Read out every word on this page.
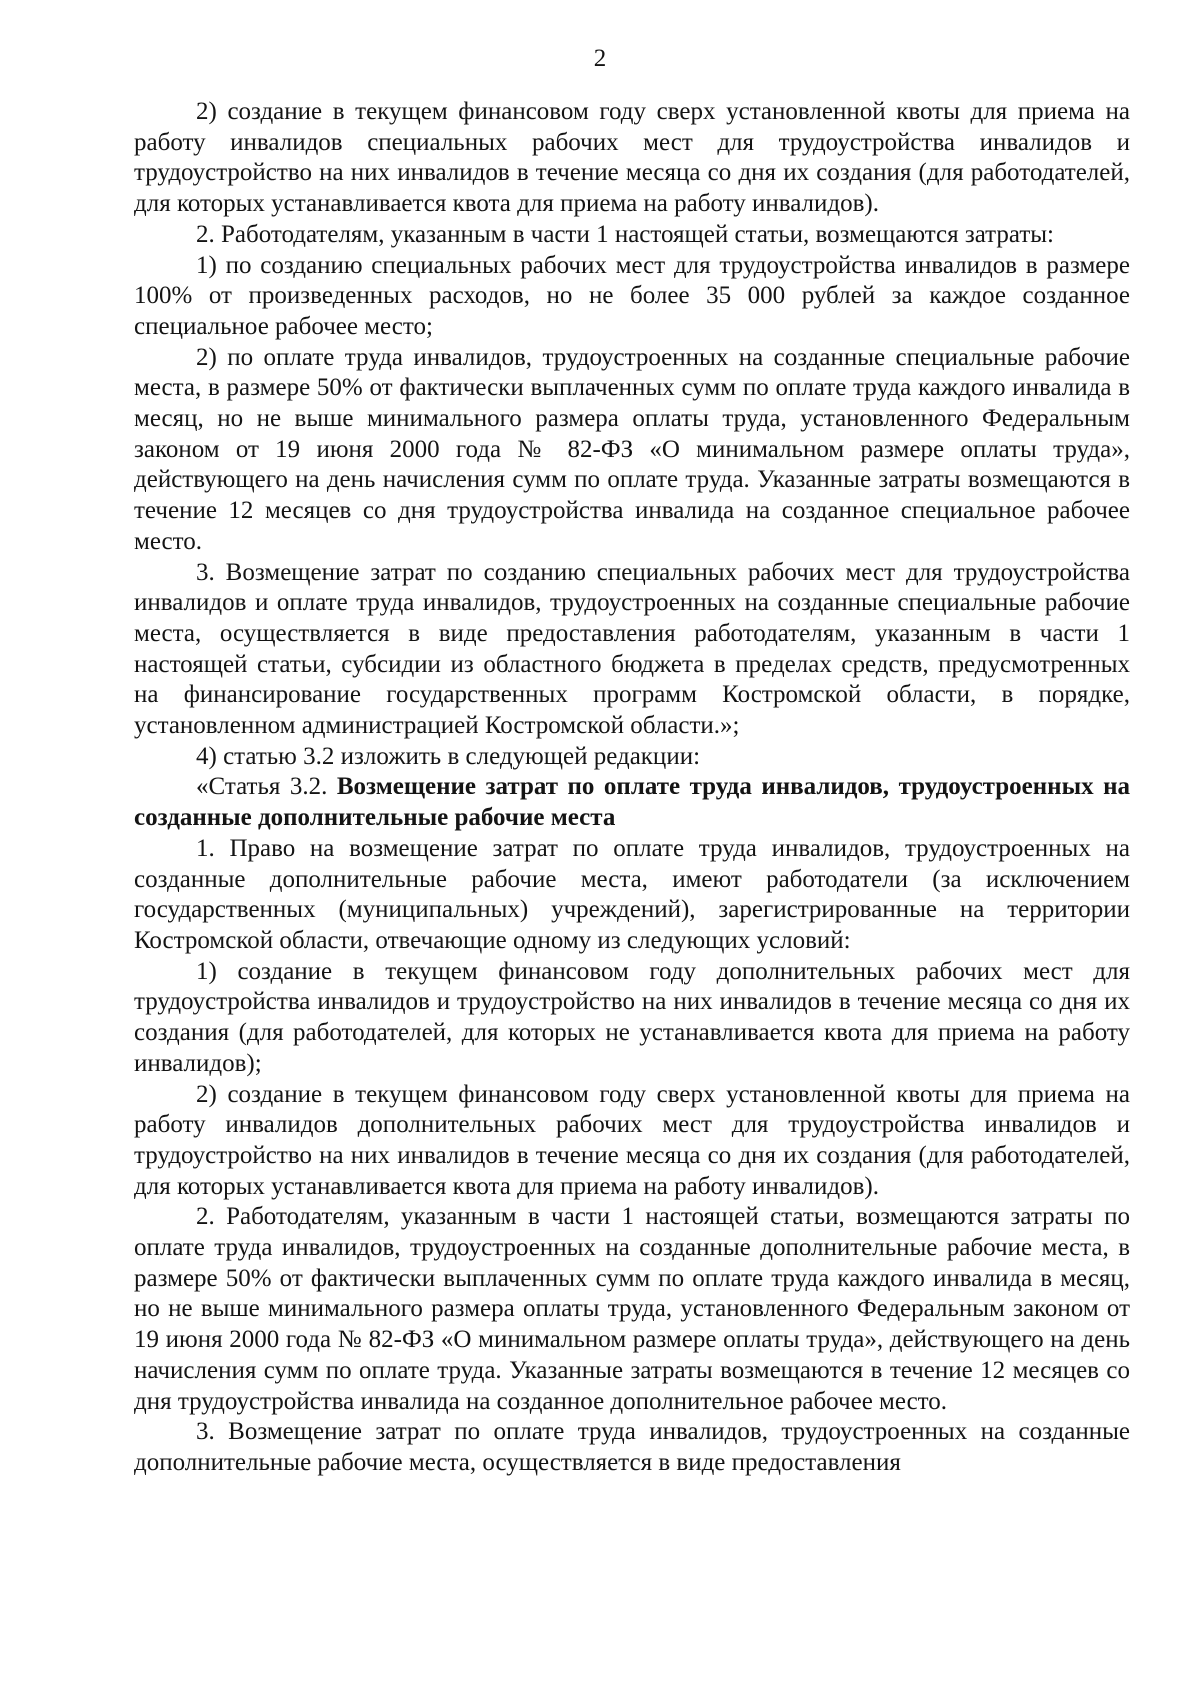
2

2) создание в текущем финансовом году сверх установленной квоты для приема на работу инвалидов специальных рабочих мест для трудоустройства инвалидов и трудоустройство на них инвалидов в течение месяца со дня их создания (для работодателей, для которых устанавливается квота для приема на работу инвалидов).

2. Работодателям, указанным в части 1 настоящей статьи, возмещаются затраты:

1) по созданию специальных рабочих мест для трудоустройства инвалидов в размере 100% от произведенных расходов, но не более 35 000 рублей за каждое созданное специальное рабочее место;

2) по оплате труда инвалидов, трудоустроенных на созданные специальные рабочие места, в размере 50% от фактически выплаченных сумм по оплате труда каждого инвалида в месяц, но не выше минимального размера оплаты труда, установленного Федеральным законом от 19 июня 2000 года № 82-ФЗ «О минимальном размере оплаты труда», действующего на день начисления сумм по оплате труда. Указанные затраты возмещаются в течение 12 месяцев со дня трудоустройства инвалида на созданное специальное рабочее место.

3. Возмещение затрат по созданию специальных рабочих мест для трудоустройства инвалидов и оплате труда инвалидов, трудоустроенных на созданные специальные рабочие места, осуществляется в виде предоставления работодателям, указанным в части 1 настоящей статьи, субсидии из областного бюджета в пределах средств, предусмотренных на финансирование государственных программ Костромской области, в порядке, установленном администрацией Костромской области.»;

4) статью 3.2 изложить в следующей редакции:

«Статья 3.2. Возмещение затрат по оплате труда инвалидов, трудоустроенных на созданные дополнительные рабочие места

1. Право на возмещение затрат по оплате труда инвалидов, трудоустроенных на созданные дополнительные рабочие места, имеют работодатели (за исключением государственных (муниципальных) учреждений), зарегистрированные на территории Костромской области, отвечающие одному из следующих условий:

1) создание в текущем финансовом году дополнительных рабочих мест для трудоустройства инвалидов и трудоустройство на них инвалидов в течение месяца со дня их создания (для работодателей, для которых не устанавливается квота для приема на работу инвалидов);

2) создание в текущем финансовом году сверх установленной квоты для приема на работу инвалидов дополнительных рабочих мест для трудоустройства инвалидов и трудоустройство на них инвалидов в течение месяца со дня их создания (для работодателей, для которых устанавливается квота для приема на работу инвалидов).

2. Работодателям, указанным в части 1 настоящей статьи, возмещаются затраты по оплате труда инвалидов, трудоустроенных на созданные дополнительные рабочие места, в размере 50% от фактически выплаченных сумм по оплате труда каждого инвалида в месяц, но не выше минимального размера оплаты труда, установленного Федеральным законом от 19 июня 2000 года № 82-ФЗ «О минимальном размере оплаты труда», действующего на день начисления сумм по оплате труда. Указанные затраты возмещаются в течение 12 месяцев со дня трудоустройства инвалида на созданное дополнительное рабочее место.

3. Возмещение затрат по оплате труда инвалидов, трудоустроенных на созданные дополнительные рабочие места, осуществляется в виде предоставления
